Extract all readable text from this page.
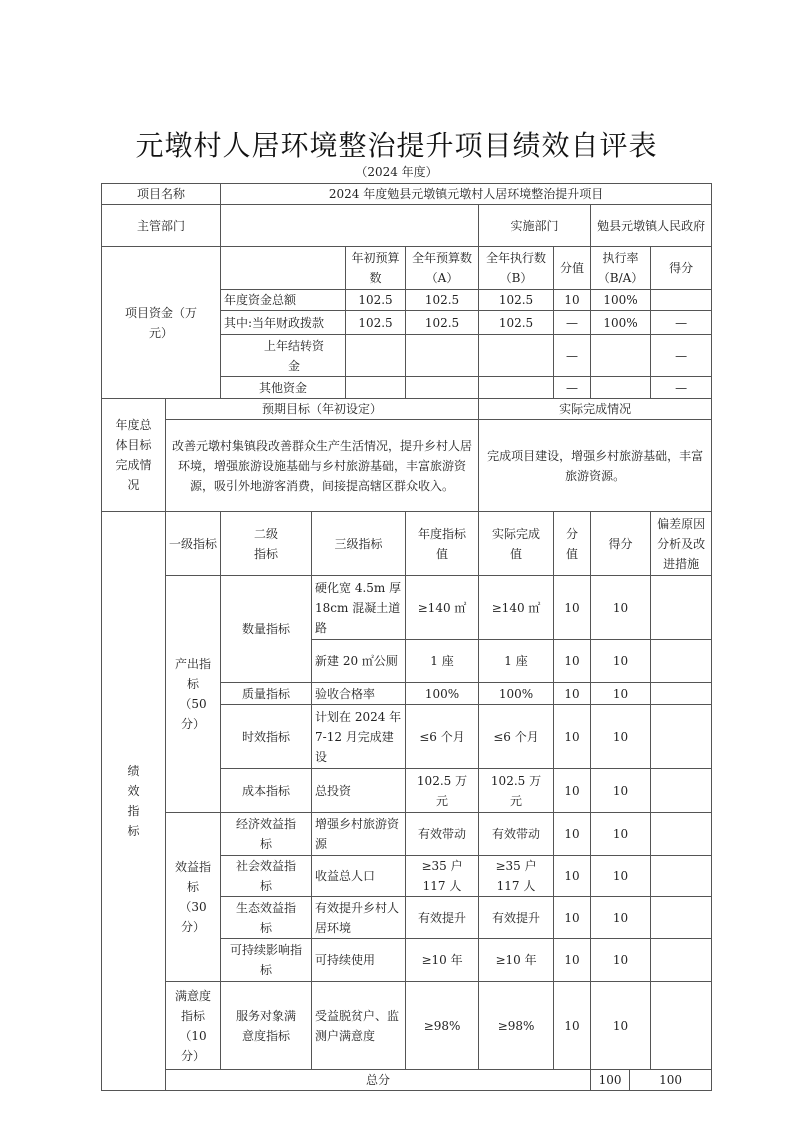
元墩村人居环境整治提升项目绩效自评表
（2024 年度）
项目名称		2024 年度勉县元墩镇元墩村人居环境整治提升项目									
主管部门						实施部门		勉县元墩镇人民政府			
项目资金（万元）				年初预算数	全年预算数（A）	全年执行数（B）	分值	执行率（B/A）		得分	
		年度资金总额		102.5	102.5	102.5	10	100%			
		其中:当年财政拨款		102.5	102.5	102.5	—	100%		—	
		上年结转资金					—			—	
		其他资金					—			—	
年度总体目标完成情况	预期目标（年初设定）					实际完成情况					
	改善元墩村集镇段改善群众生产生活情况，提升乡村人居环境，增强旅游设施基础与乡村旅游基础，丰富旅游资源，吸引外地游客消费，间接提高辖区群众收入。					完成项目建设，增强乡村旅游基础，丰富旅游资源。					
绩效指标	一级指标	二级指标	三级指标		年度指标值	实际完成值	分值	得分		偏差原因分析及改进措施	
	产出指标（50分）	数量指标	硬化宽 4.5m 厚 18cm 混凝土道路		≥140 ㎡	≥140 ㎡	10	10			
			新建 20 ㎡公厕		1 座	1 座	10	10			
		质量指标	验收合格率		100%	100%	10	10			
		时效指标	计划在 2024 年 7-12 月完成建设		≤6 个月	≤6 个月	10	10			
		成本指标	总投资		102.5 万元	102.5 万元	10	10			
	效益指标（30分）	经济效益指标	增强乡村旅游资源		有效带动	有效带动	10	10			
		社会效益指标	收益总人口		≥35 户 117 人	≥35 户 117 人	10	10			
		生态效益指标	有效提升乡村人居环境		有效提升	有效提升	10	10			
		可持续影响指标	可持续使用		≥10 年	≥10 年	10	10			
	满意度指标（10分）	服务对象满意度指标	受益脱贫户、监测户满意度		≥98%	≥98%	10	10			
	总分							100	100		
